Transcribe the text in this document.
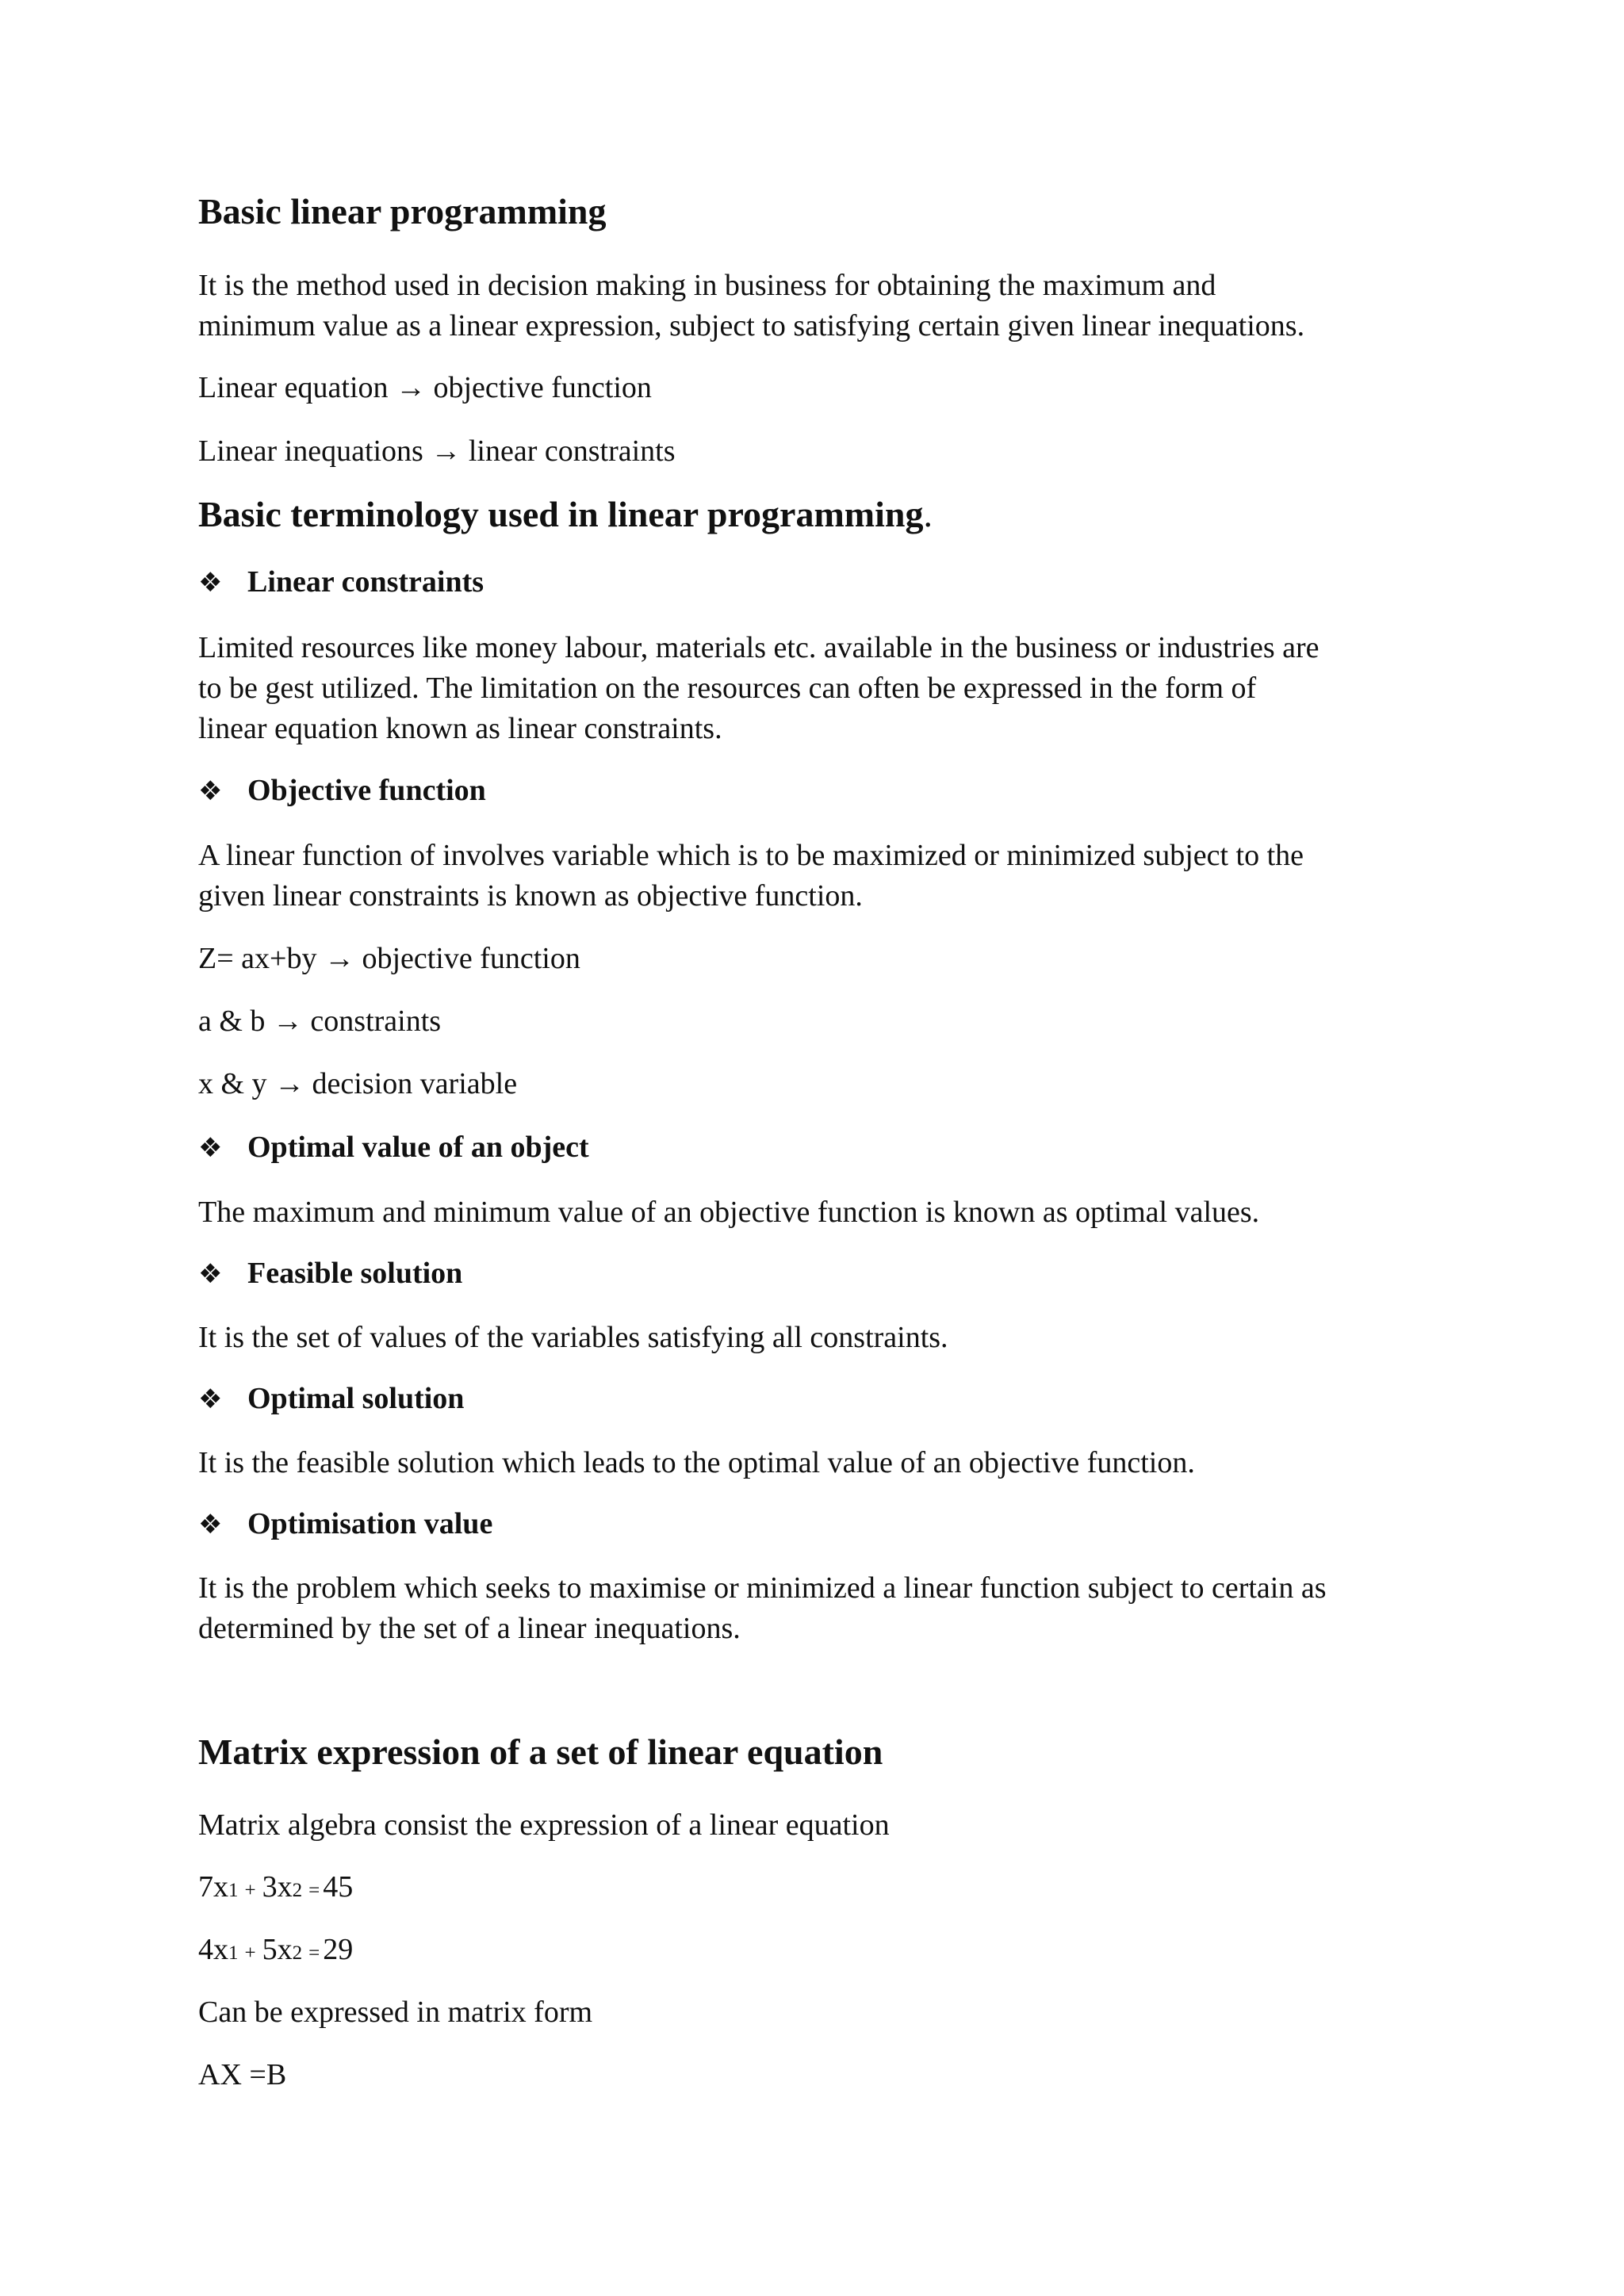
Basic linear programming
It is the method used in decision making in business for obtaining the maximum and
minimum value as a linear expression, subject to satisfying certain given linear inequations.
Linear equation → objective function
Linear inequations → linear constraints
Basic terminology used in linear programming.
❖ Linear constraints
Limited resources like money labour, materials etc. available in the business or industries are
to be gest utilized. The limitation on the resources can often be expressed in the form of
linear equation known as linear constraints.
❖ Objective function
A linear function of involves variable which is to be maximized or minimized subject to the
given linear constraints is known as objective function.
Z= ax+by → objective function
a & b → constraints
x & y → decision variable
❖ Optimal value of an object
The maximum and minimum value of an objective function is known as optimal values.
❖ Feasible solution
It is the set of values of the variables satisfying all constraints.
❖ Optimal solution
It is the feasible solution which leads to the optimal value of an objective function.
❖ Optimisation value
It is the problem which seeks to maximise or minimized a linear function subject to certain as
determined by the set of a linear inequations.
Matrix expression of a set of linear equation
Matrix algebra consist the expression of a linear equation
7x1 + 3x2 = 45
4x1 + 5x2 = 29
Can be expressed in matrix form
AX =B
